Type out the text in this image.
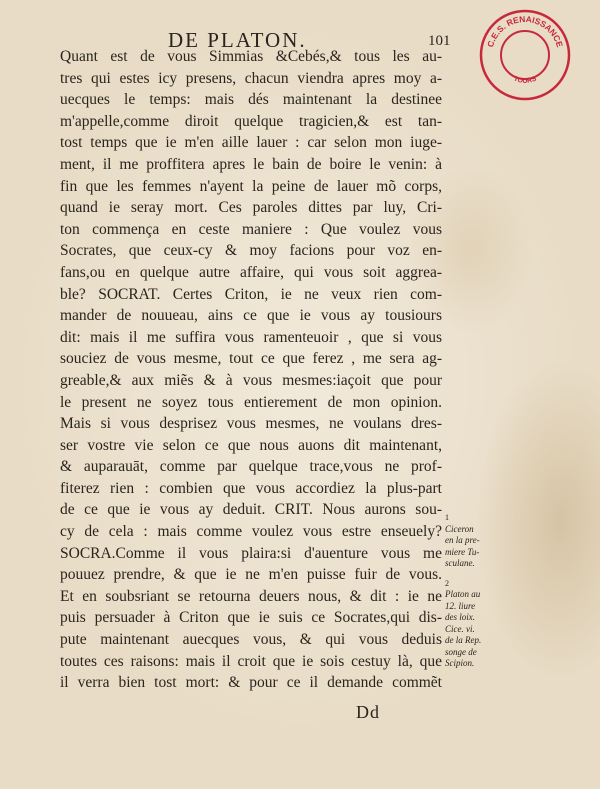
DE PLATON.	101	C.E.S. RENAISSANCE
TOURS
Quant est de vous Simmias &Cebés,& tous les au-
tres qui estes icy presens, chacun viendra apres moy a-
uecques le temps: mais dés maintenant la destinee
m'appelle,comme diroit quelque tragicien,& est tan-
tost temps que ie m'en aille lauer : car selon mon iuge-
ment, il me proffitera apres le bain de boire le venin: à
fin que les femmes n'ayent la peine de lauer mõ corps,
quand ie seray mort. Ces paroles dittes par luy, Cri-
ton commença en ceste maniere : Que voulez vous
Socrates, que ceux-cy & moy facions pour voz en-
fans,ou en quelque autre affaire, qui vous soit aggrea-
ble? SOCRAT. Certes Criton, ie ne veux rien com-
mander de nouueau, ains ce que ie vous ay tousiours
dit: mais il me suffira vous ramenteuoir , que si vous
souciez de vous mesme, tout ce que ferez , me sera ag-
greable,& aux miẽs & à vous mesmes:iaçoit que pour
le present ne soyez tous entierement de mon opinion.
Mais si vous desprisez vous mesmes, ne voulans dres-
ser vostre vie selon ce que nous auons dit maintenant,
& auparauāt, comme par quelque trace,vous ne prof-
fiterez rien : combien que vous accordiez la plus-part
de ce que ie vous ay deduit. CRIT. Nous aurons sou-
cy de cela : mais comme voulez vous estre enseuely?
SOCRA.Comme il vous plaira:si d'auenture vous me
pouuez prendre, & que ie ne m'en puisse fuir de vous.
Et en soubsriant se retourna deuers nous, & dit : ie ne
puis persuader à Criton que ie suis ce Socrates,qui dis-
pute maintenant auecques vous, & qui vous deduis
toutes ces raisons: mais il croit que ie sois cestuy là, que
il verra bien tost mort: & pour ce il demande commẽt
1
Ciceron
en la pre-
miere Tu-
sculane.
2
Platon au
12. liure
des loix.
Cice. vi.
de la Rep.
songe de
Scipion.
Dd
